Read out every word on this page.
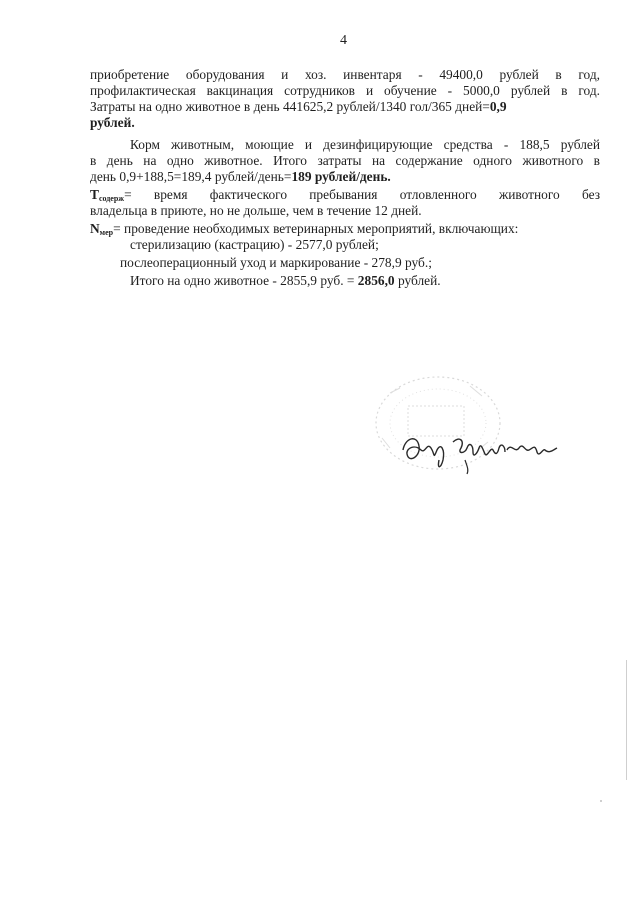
4
приобретение оборудования и хоз. инвентаря - 49400,0 рублей в год,
профилактическая вакцинация сотрудников и обучение - 5000,0 рублей в год.
Затраты на одно животное в день 441625,2 рублей/1340 гол/365 дней=0,9
рублей.
Корм животным, моющие и дезинфицирующие средства - 188,5 рублей
в день на одно животное. Итого затраты на содержание одного животного в
день 0,9+188,5=189,4 рублей/день=189 рублей/день.
$T_{содерж}=$ время фактического пребывания отловленного животного без
владельца в приюте, но не дольше, чем в течение 12 дней.
$N_{мер}=$ проведение необходимых ветеринарных мероприятий, включающих:
стерилизацию (кастрацию) - 2577,0 рублей;
послеоперационный уход и маркирование - 278,9 руб.;
Итого на одно животное - 2855,9 руб. = 2856,0 рублей.
